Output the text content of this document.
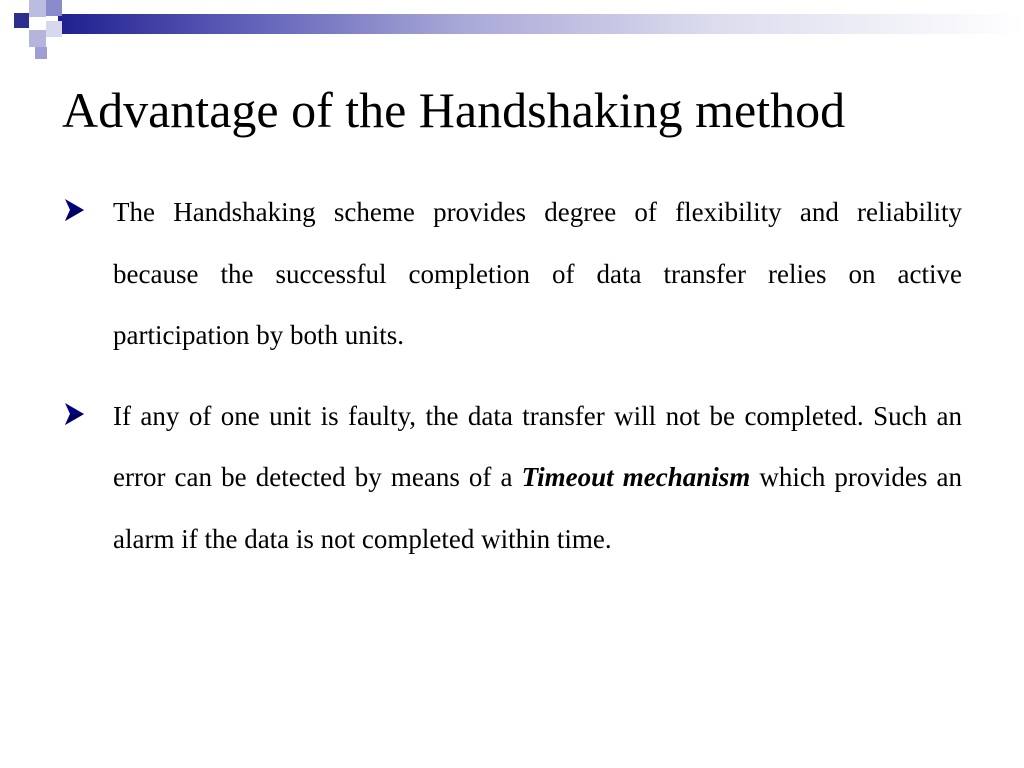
Advantage of the Handshaking method
The Handshaking scheme provides degree of flexibility and reliability because the successful completion of data transfer relies on active participation by both units.
If any of one unit is faulty, the data transfer will not be completed. Such an error can be detected by means of a Timeout mechanism which provides an alarm if the data is not completed within time.
